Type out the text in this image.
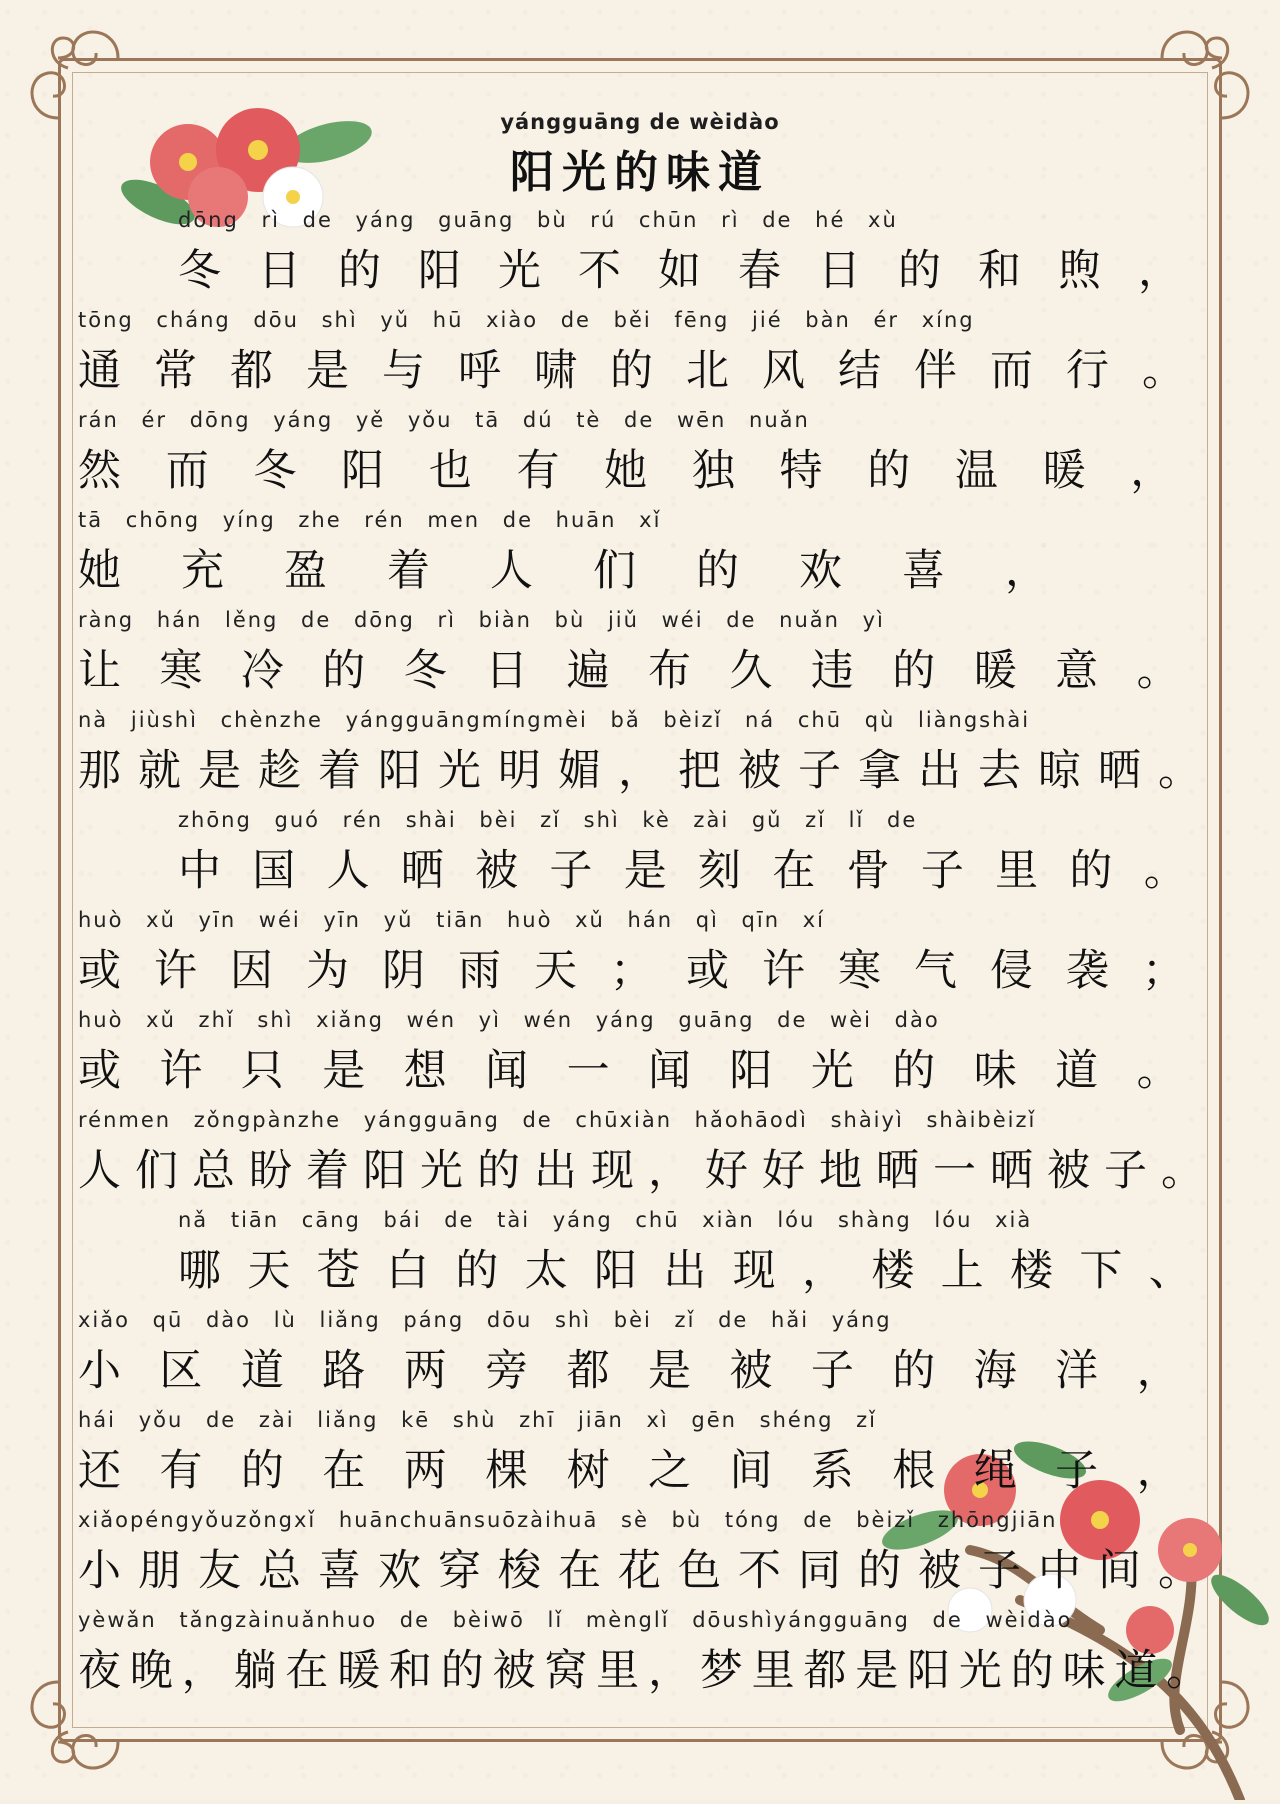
yángguāng de wèidào
阳光的味道
dōng rì de yáng guāng bù rú chūn rì de hé xù
冬日的阳光不如春日的和煦，
tōng cháng dōu shì yǔ hū xiào de běi fēng jié bàn ér xíng
通常都是与呼啸的北风结伴而行。
rán ér dōng yáng yě yǒu tā dú tè de wēn nuǎn
然而冬阳也有她独特的温暖，
tā chōng yíng zhe rén men de huān xǐ
她充盈着人们的欢喜，
ràng hán lěng de dōng rì biàn bù jiǔ wéi de nuǎn yì
让寒冷的冬日遍布久违的暖意。
nà jiùshì chènzhe yángguāngmíngmèi bǎ bèizǐ ná chū qù liàngshài
那就是趁着阳光明媚，把被子拿出去晾晒。
zhōng guó rén shài bèi zǐ shì kè zài gǔ zǐ lǐ de
中国人晒被子是刻在骨子里的。
huò xǔ yīn wéi yīn yǔ tiān huò xǔ hán qì qīn xí
或许因为阴雨天；或许寒气侵袭；
huò xǔ zhǐ shì xiǎng wén yì wén yáng guāng de wèi dào
或许只是想闻一闻阳光的味道。
rénmen zǒngpànzhe yángguāng de chūxiàn hǎohāodì shàiyì shàibèizǐ
人们总盼着阳光的出现，好好地晒一晒被子。
nǎ tiān cāng bái de tài yáng chū xiàn lóu shàng lóu xià
哪天苍白的太阳出现，楼上楼下、
xiǎo qū dào lù liǎng páng dōu shì bèi zǐ de hǎi yáng
小区道路两旁都是被子的海洋，
hái yǒu de zài liǎng kē shù zhī jiān xì gēn shéng zǐ
还有的在两棵树之间系根绳子，
xiǎopéngyǒuzǒngxǐ huānchuānsuōzàihuā sè bù tóng de bèizǐ zhōngjiān
小朋友总喜欢穿梭在花色不同的被子中间。
yèwǎn tǎngzàinuǎnhuo de bèiwō lǐ mènglǐ dōushìyángguāng de wèidào
夜晚，躺在暖和的被窝里，梦里都是阳光的味道。
